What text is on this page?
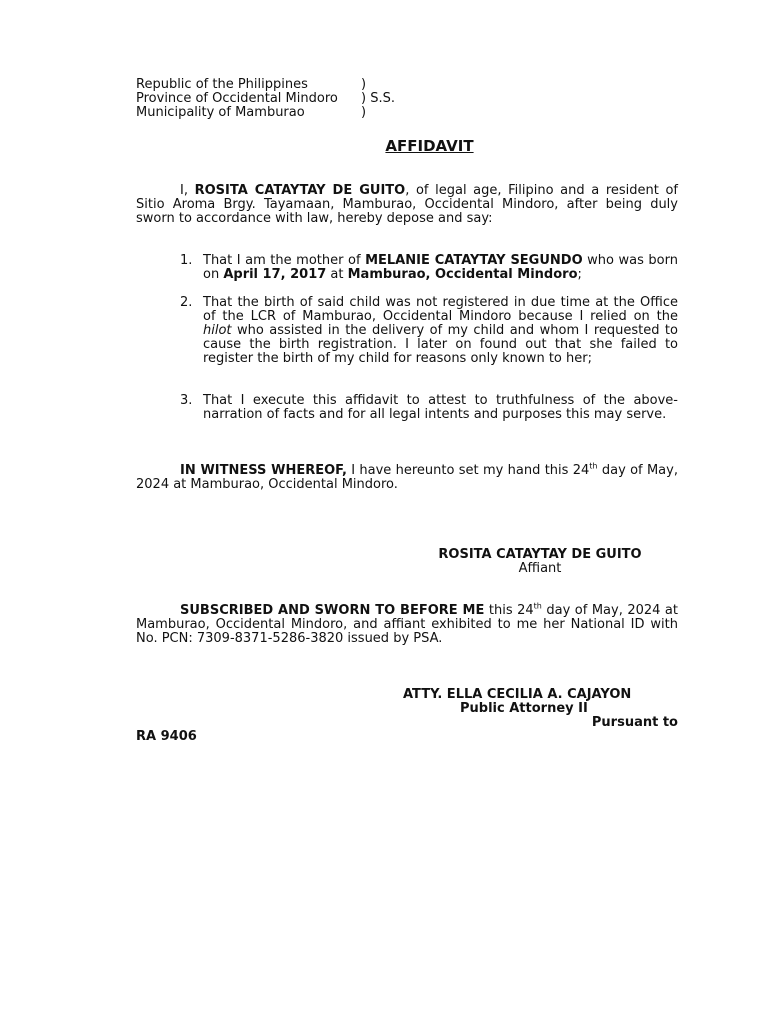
Republic of the Philippines	)
Province of Occidental Mindoro ) S.S.
Municipality of Mamburao	)
AFFIDAVIT
I, ROSITA CATAYTAY DE GUITO, of legal age, Filipino and a resident of Sitio Aroma Brgy. Tayamaan, Mamburao, Occidental Mindoro, after being duly sworn to accordance with law, hereby depose and say:
1. That I am the mother of MELANIE CATAYTAY SEGUNDO who was born on April 17, 2017 at Mamburao, Occidental Mindoro;
2. That the birth of said child was not registered in due time at the Office of the LCR of Mamburao, Occidental Mindoro because I relied on the hilot who assisted in the delivery of my child and whom I requested to cause the birth registration. I later on found out that she failed to register the birth of my child for reasons only known to her;
3. That I execute this affidavit to attest to truthfulness of the above-narration of facts and for all legal intents and purposes this may serve.
IN WITNESS WHEREOF, I have hereunto set my hand this 24th day of May, 2024 at Mamburao, Occidental Mindoro.
ROSITA CATAYTAY DE GUITO
Affiant
SUBSCRIBED AND SWORN TO BEFORE ME this 24th day of May, 2024 at Mamburao, Occidental Mindoro, and affiant exhibited to me her National ID with No. PCN: 7309-8371-5286-3820 issued by PSA.
ATTY. ELLA CECILIA A. CAJAYON
Public Attorney II
Pursuant to
RA 9406
